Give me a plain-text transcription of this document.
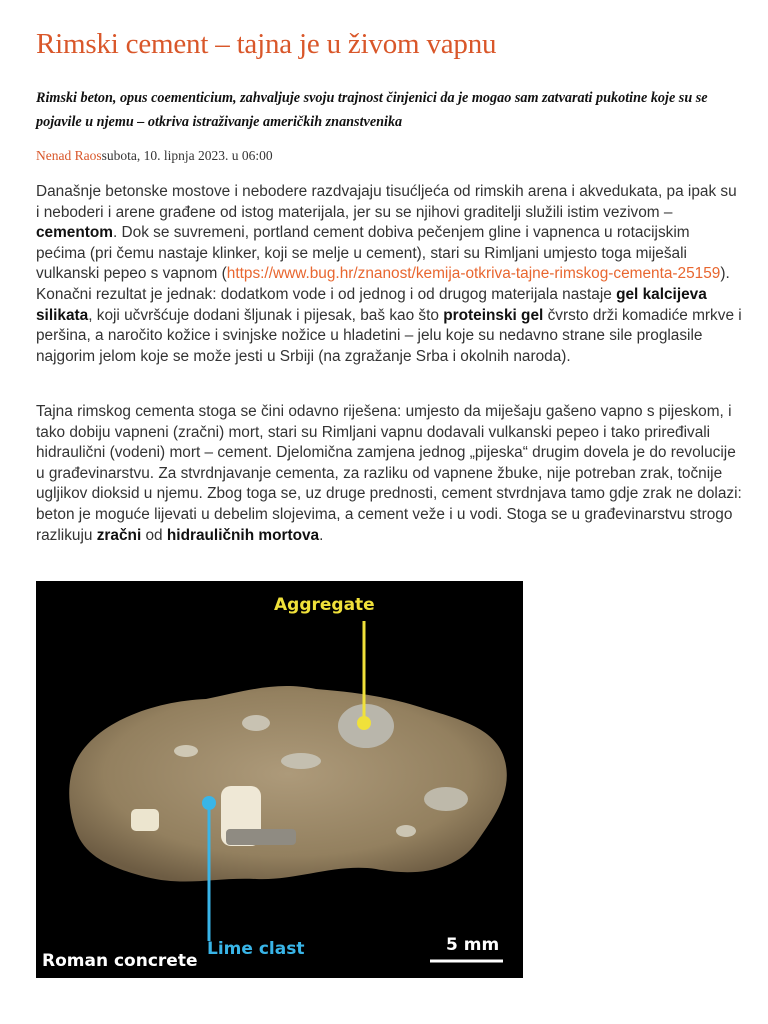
Rimski cement – tajna je u živom vapnu

Rimski beton, opus coementicium, zahvaljuje svoju trajnost činjenici da je mogao sam zatvarati pukotine koje su se pojavile u njemu – otkriva istraživanje američkih znanstvenika

Nenad Raossubota, 10. lipnja 2023. u 06:00

Današnje betonske mostove i nebodere razdvajaju tisućljeća od rimskih arena i akvedukata, pa ipak su i neboderi i arene građene od istog materijala, jer su se njihovi graditelji služili istim vezivom – cementom. Dok se suvremeni, portland cement dobiva pečenjem gline i vapnenca u rotacijskim pećima (pri čemu nastaje klinker, koji se melje u cement), stari su Rimljani umjesto toga miješali vulkanski pepeo s vapnom (https://www.bug.hr/znanost/kemija-otkriva-tajne-rimskog-cementa-25159). Konačni rezultat je jednak: dodatkom vode i od jednog i od drugog materijala nastaje gel kalcijeva silikata, koji učvršćuje dodani šljunak i pijesak, baš kao što proteinski gel čvrsto drži komadiće mrkve i peršina, a naročito kožice i svinjske nožice u hladetini – jelu koje su nedavno strane sile proglasile najgorim jelom koje se može jesti u Srbiji (na zgražanje Srba i okolnih naroda).

Tajna rimskog cementa stoga se čini odavno riješena: umjesto da miješaju gašeno vapno s pijeskom, i tako dobiju vapneni (zračni) mort, stari su Rimljani vapnu dodavali vulkanski pepeo i tako priređivali hidraulični (vodeni) mort – cement. Djelomična zamjena jednog „pijeska“ drugim dovela je do revolucije u građevinarstvu. Za stvrdnjavanje cementa, za razliku od vapnene žbuke, nije potreban zrak, točnije ugljikov dioksid u njemu. Zbog toga se, uz druge prednosti, cement stvrdnjava tamo gdje zrak ne dolazi: beton je moguće lijevati u debelim slojevima, a cement veže i u vodi. Stoga se u građevinarstvu strogo razlikuju zračni od hidrauličnih mortova.

Aggregate
Lime clast
Roman concrete
5 mm
